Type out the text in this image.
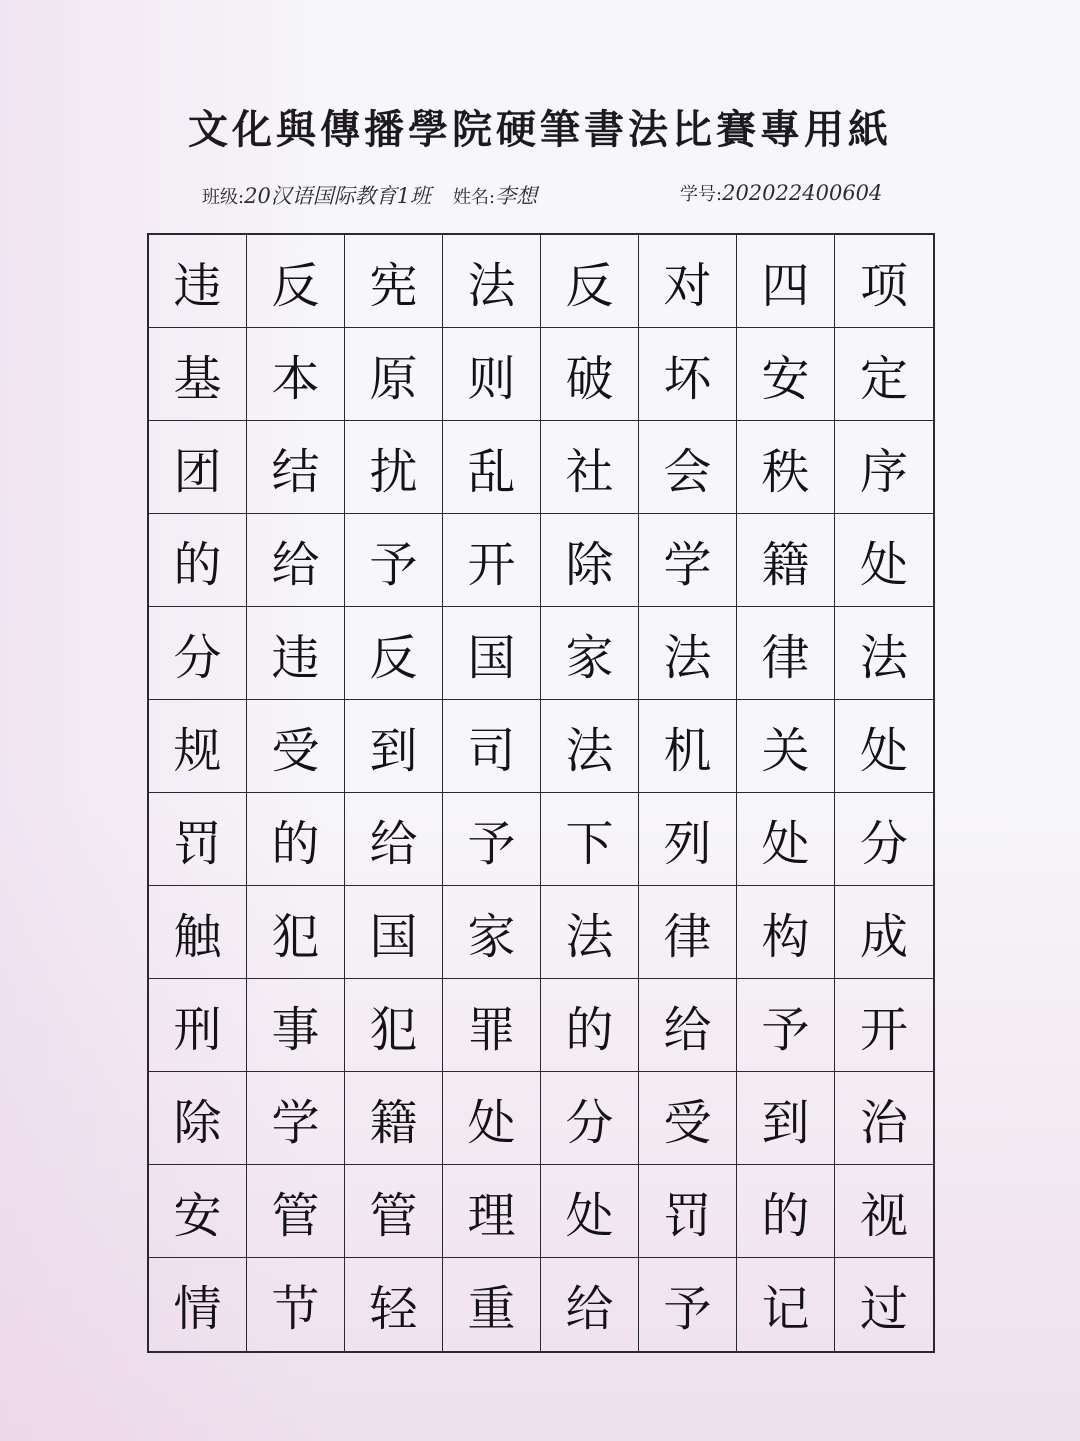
文化與傳播學院硬筆書法比賽專用紙
班级:20汉语国际教育1班 姓名:李想	学号:202022400604
违	反	宪	法	反	对	四	项
基	本	原	则	破	坏	安	定
团	结	扰	乱	社	会	秩	序
的	给	予	开	除	学	籍	处
分	违	反	国	家	法	律	法
规	受	到	司	法	机	关	处
罚	的	给	予	下	列	处	分
触	犯	国	家	法	律	构	成
刑	事	犯	罪	的	给	予	开
除	学	籍	处	分	受	到	治
安	管	管	理	处	罚	的	视
情	节	轻	重	给	予	记	过
